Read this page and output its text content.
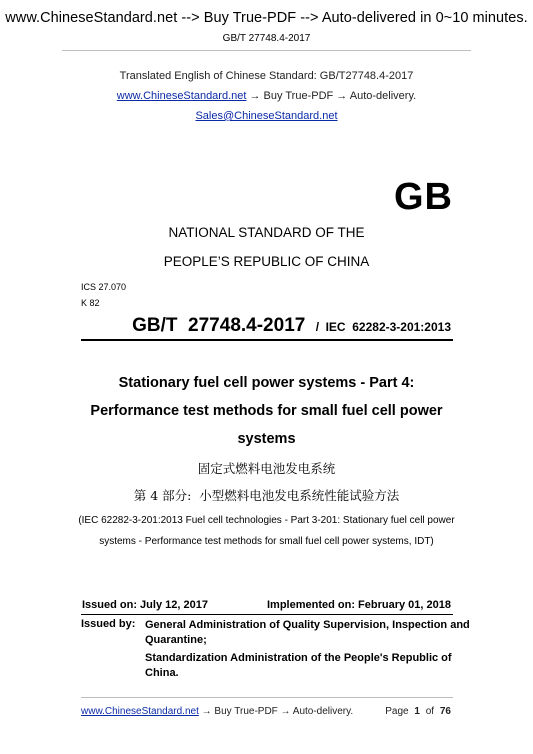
www.ChineseStandard.net --> Buy True-PDF --> Auto-delivered in 0~10 minutes.
GB/T 27748.4-2017
Translated English of Chinese Standard: GB/T27748.4-2017
www.ChineseStandard.net → Buy True-PDF → Auto-delivery.
Sales@ChineseStandard.net
GB
NATIONAL STANDARD OF THE
PEOPLE’S REPUBLIC OF CHINA
ICS 27.070
K 82
GB/T  27748.4-2017 / IEC  62282-3-201:2013
Stationary fuel cell power systems - Part 4:
Performance test methods for small fuel cell power
systems
固定式燃料电池发电系统
第 4 部分:  小型燃料电池发电系统性能试验方法
(IEC 62282-3-201:2013 Fuel cell technologies - Part 3-201: Stationary fuel cell power
systems - Performance test methods for small fuel cell power systems, IDT)
Issued on: July 12, 2017	Implemented on: February 01, 2018
Issued by: General Administration of Quality Supervision, Inspection and
Quarantine;
Standardization Administration of the People's Republic of
China.
www.ChineseStandard.net → Buy True-PDF → Auto-delivery.	Page 1 of 76
